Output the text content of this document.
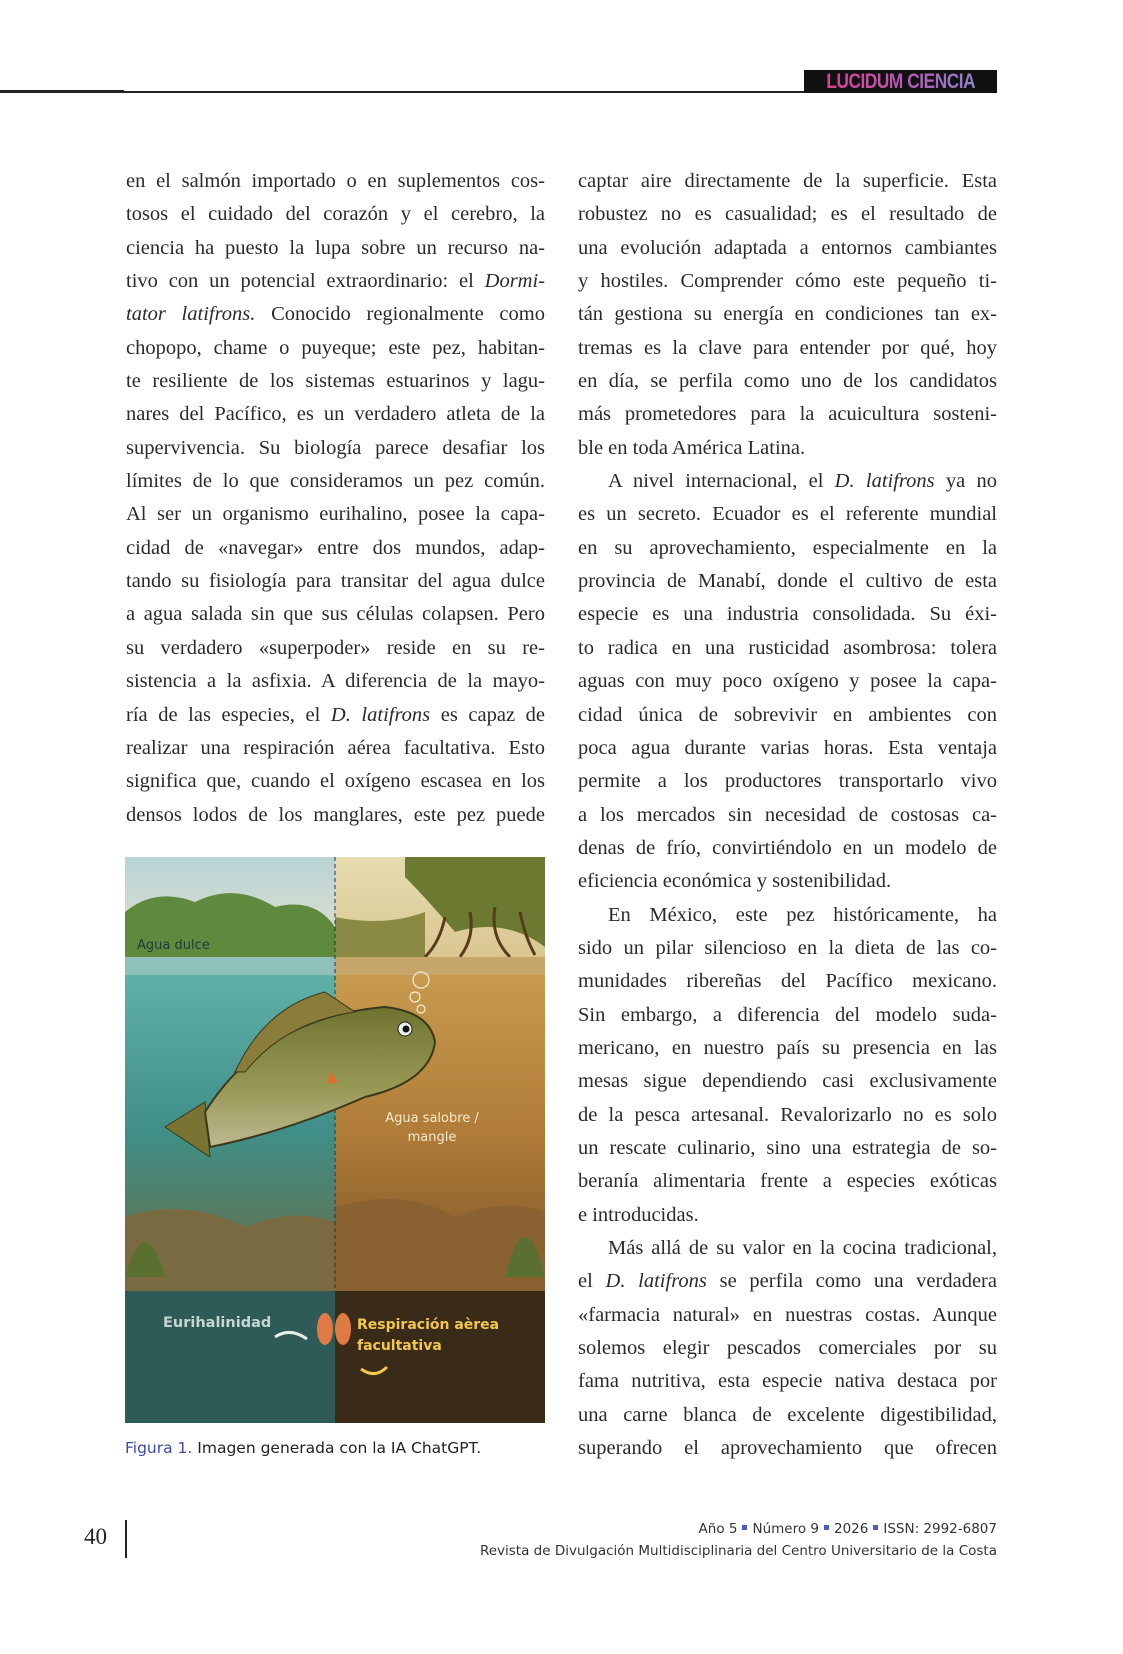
LUCIDUM CIENCIA
en el salmón importado o en suplementos cos-
tosos el cuidado del corazón y el cerebro, la
ciencia ha puesto la lupa sobre un recurso na-
tivo con un potencial extraordinario: el Dormi-
tator latifrons. Conocido regionalmente como
chopopo, chame o puyeque; este pez, habitan-
te resiliente de los sistemas estuarinos y lagu-
nares del Pacífico, es un verdadero atleta de la
supervivencia. Su biología parece desafiar los
límites de lo que consideramos un pez común.
Al ser un organismo eurihalino, posee la capa-
cidad de «navegar» entre dos mundos, adap-
tando su fisiología para transitar del agua dulce
a agua salada sin que sus células colapsen. Pero
su verdadero «superpoder» reside en su re-
sistencia a la asfixia. A diferencia de la mayo-
ría de las especies, el D. latifrons es capaz de
realizar una respiración aérea facultativa. Esto
significa que, cuando el oxígeno escasea en los
densos lodos de los manglares, este pez puede
captar aire directamente de la superficie. Esta
robustez no es casualidad; es el resultado de
una evolución adaptada a entornos cambiantes
y hostiles. Comprender cómo este pequeño ti-
tán gestiona su energía en condiciones tan ex-
tremas es la clave para entender por qué, hoy
en día, se perfila como uno de los candidatos
más prometedores para la acuicultura sosteni-
ble en toda América Latina.
A nivel internacional, el D. latifrons ya no
es un secreto. Ecuador es el referente mundial
en su aprovechamiento, especialmente en la
provincia de Manabí, donde el cultivo de esta
especie es una industria consolidada. Su éxi-
to radica en una rusticidad asombrosa: tolera
aguas con muy poco oxígeno y posee la capa-
cidad única de sobrevivir en ambientes con
poca agua durante varias horas. Esta ventaja
permite a los productores transportarlo vivo
a los mercados sin necesidad de costosas ca-
denas de frío, convirtiéndolo en un modelo de
eficiencia económica y sostenibilidad.
En México, este pez históricamente, ha
sido un pilar silencioso en la dieta de las co-
munidades ribereñas del Pacífico mexicano.
Sin embargo, a diferencia del modelo suda-
mericano, en nuestro país su presencia en las
mesas sigue dependiendo casi exclusivamente
de la pesca artesanal. Revalorizarlo no es solo
un rescate culinario, sino una estrategia de so-
beranía alimentaria frente a especies exóticas
e introducidas.
Más allá de su valor en la cocina tradicional,
el D. latifrons se perfila como una verdadera
«farmacia natural» en nuestras costas. Aunque
solemos elegir pescados comerciales por su
fama nutritiva, esta especie nativa destaca por
una carne blanca de excelente digestibilidad,
superando el aprovechamiento que ofrecen
Agua dulce
Agua salobre /
mangle
Eurihalinidad	Respiración aèrea
facultativa
Figura 1. Imagen generada con la IA ChatGPT.
40	Año 5 Número 9 2026 ISSN: 2992-6807
Revista de Divulgación Multidisciplinaria del Centro Universitario de la Costa
